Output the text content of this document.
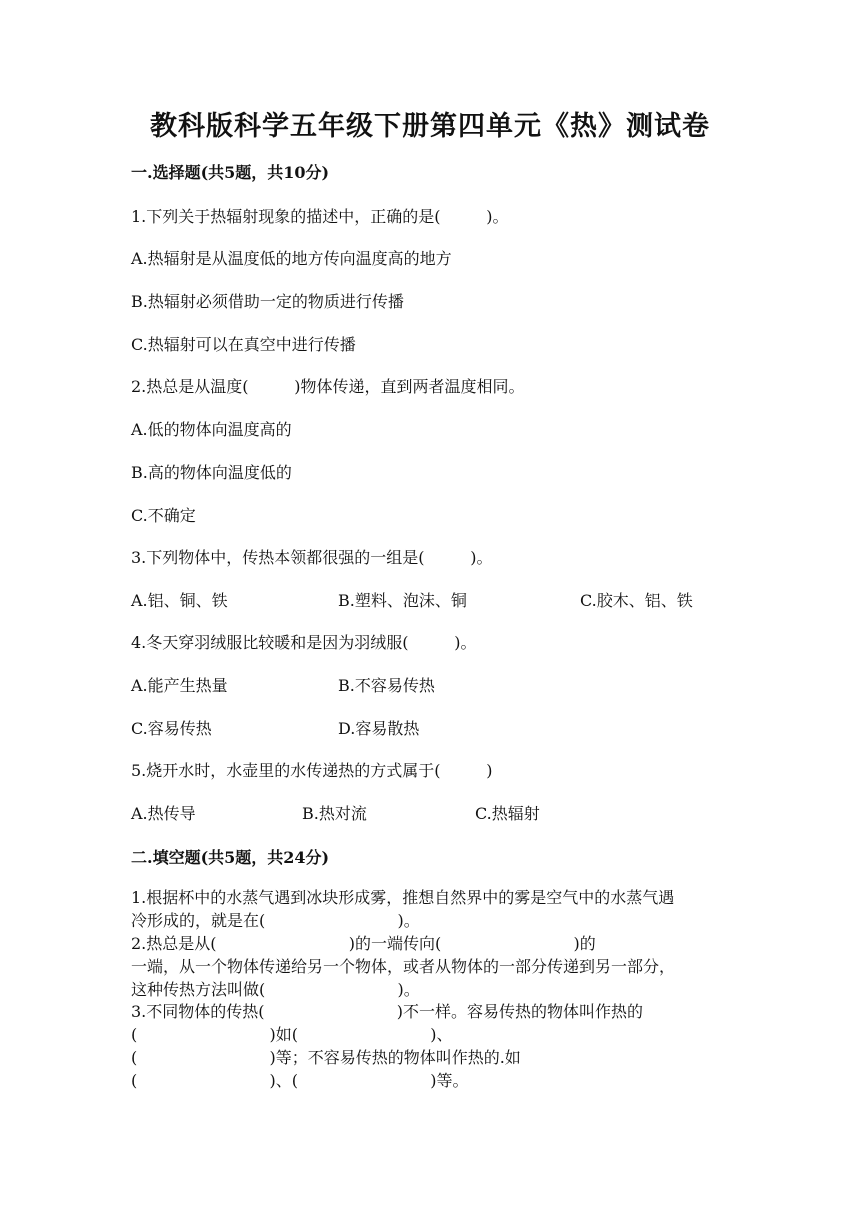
教科版科学五年级下册第四单元《热》测试卷
一.选择题(共5题，共10分)
1.下列关于热辐射现象的描述中，正确的是(         )。
A.热辐射是从温度低的地方传向温度高的地方
B.热辐射必须借助一定的物质进行传播
C.热辐射可以在真空中进行传播
2.热总是从温度(         )物体传递，直到两者温度相同。
A.低的物体向温度高的
B.高的物体向温度低的
C.不确定
3.下列物体中，传热本领都很强的一组是(         )。
A.铝、铜、铁	B.塑料、泡沫、铜	C.胶木、铝、铁
4.冬天穿羽绒服比较暖和是因为羽绒服(         )。
A.能产生热量	B.不容易传热
C.容易传热	D.容易散热
5.烧开水时，水壶里的水传递热的方式属于(         )
A.热传导	B.热对流	C.热辐射
二.填空题(共5题，共24分)
1.根据杯中的水蒸气遇到冰块形成雾，推想自然界中的雾是空气中的水蒸气遇
冷形成的，就是在(                          )。
2.热总是从(                          )的一端传向(                          )的
一端，从一个物体传递给另一个物体，或者从物体的一部分传递到另一部分，
这种传热方法叫做(                          )。
3.不同物体的传热(                          )不一样。容易传热的物体叫作热的
(                          )如(                          )、
(                          )等；不容易传热的物体叫作热的.如
(                          )、(                          )等。
